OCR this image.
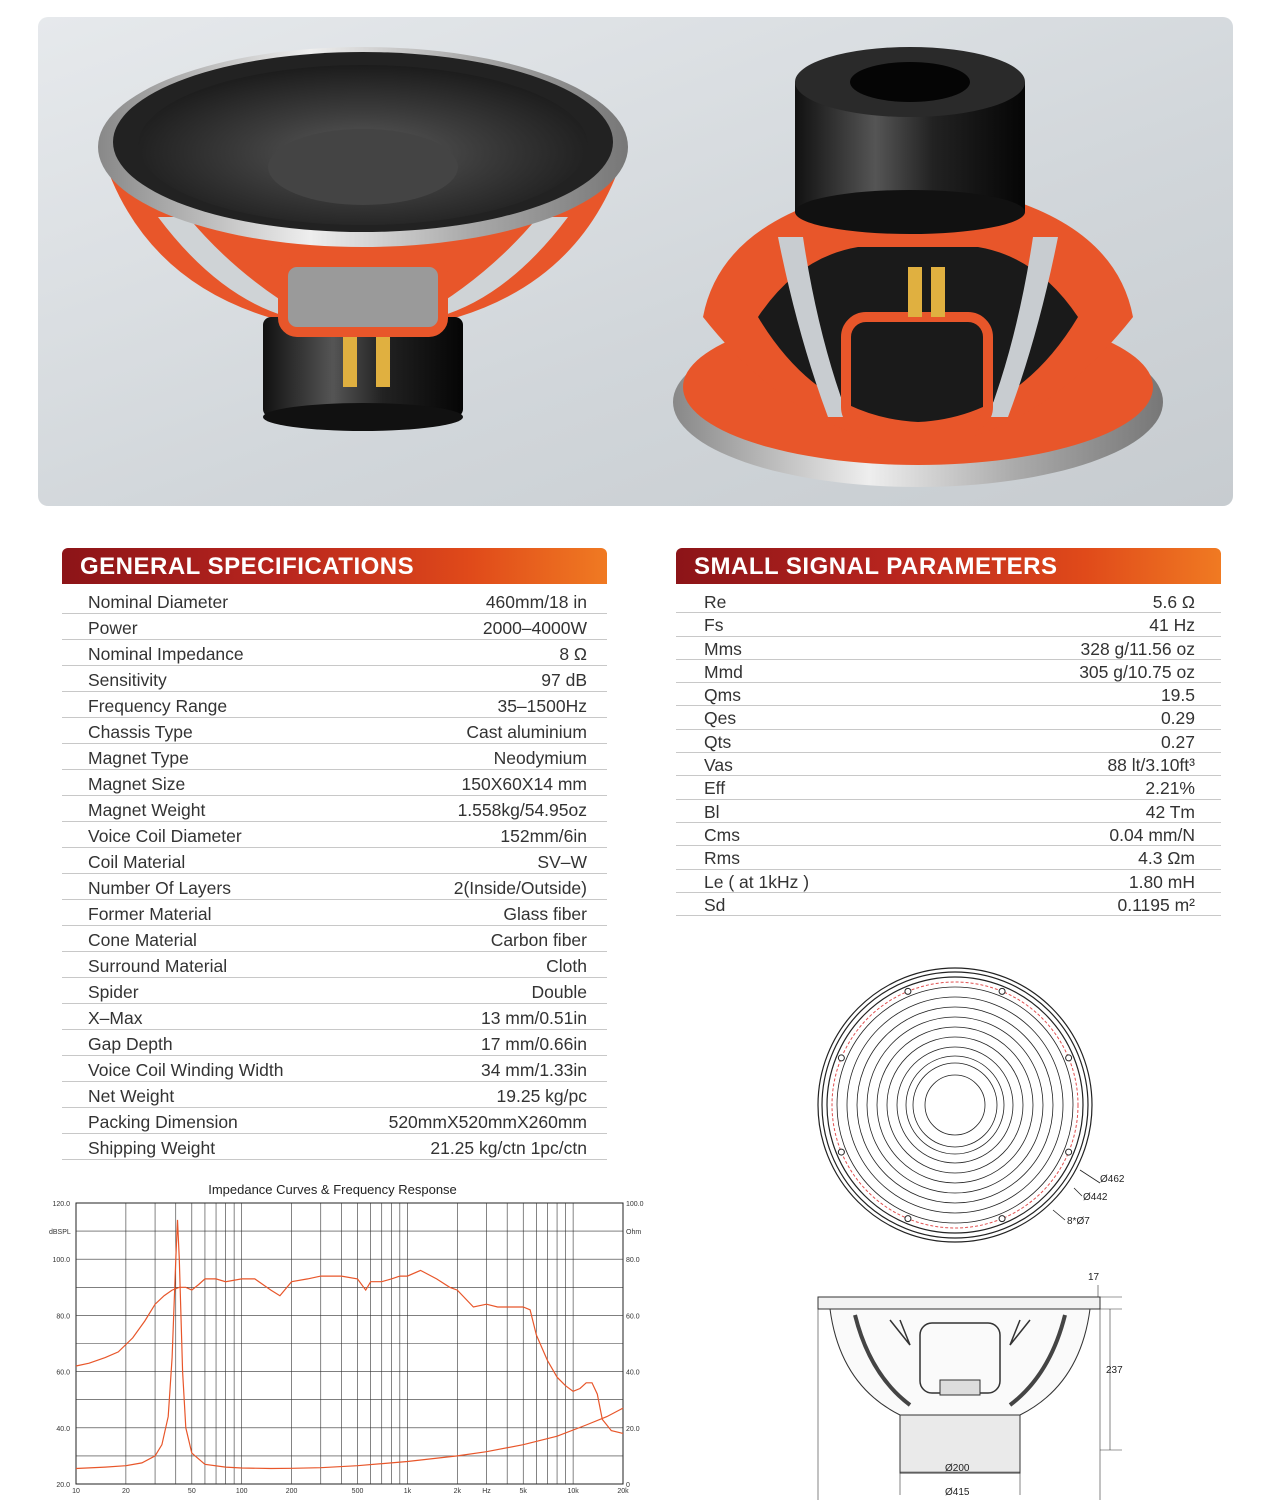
GENERAL SPECIFICATIONS
Nominal Diameter	460mm/18 in
Power	2000–4000W
Nominal Impedance	8 Ω
Sensitivity	97 dB
Frequency Range	35–1500Hz
Chassis Type	Cast aluminium
Magnet Type	Neodymium
Magnet Size	150X60X14 mm
Magnet Weight	1.558kg/54.95oz
Voice Coil Diameter	152mm/6in
Coil Material	SV–W
Number Of Layers	2(Inside/Outside)
Former Material	Glass fiber
Cone Material	Carbon fiber
Surround Material	Cloth
Spider	Double
X–Max	13 mm/0.51in
Gap Depth	17 mm/0.66in
Voice Coil Winding Width	34 mm/1.33in
Net Weight	19.25 kg/pc
Packing Dimension	520mmX520mmX260mm
Shipping Weight	21.25 kg/ctn 1pc/ctn
SMALL SIGNAL PARAMETERS
Re	5.6 Ω
Fs	41 Hz
Mms	328 g/11.56 oz
Mmd	305 g/10.75 oz
Qms	19.5
Qes	0.29
Qts	0.27
Vas	88 lt/3.10ft³
Eff	2.21%
Bl	42 Tm
Cms	0.04 mm/N
Rms	4.3 Ωm
Le ( at 1kHz )	1.80 mH
Sd	0.1195 m²
10	20	50	100	200	500	1k	2k	Hz	5k	10k	20k
20.0
40.0
60.0
80.0
100.0
120.0
0
20.0
40.0
60.0
80.0
100.0
dBSPL	Ohm
Impedance Curves & Frequency Response
Ø462
Ø442
8*Ø7
17
237
Ø200
Ø415
